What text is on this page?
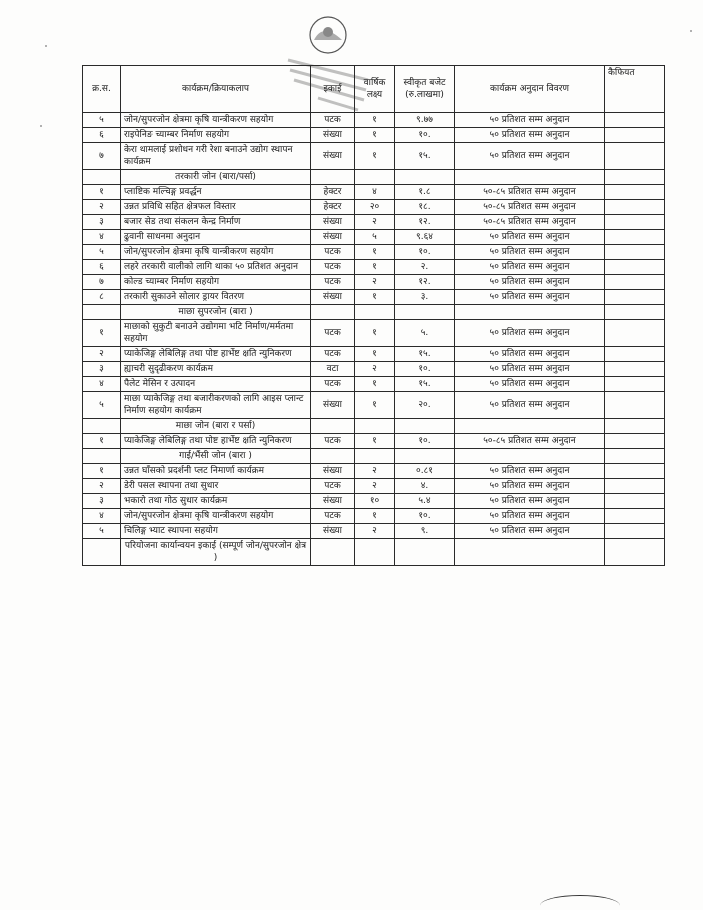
क्र.स.	कार्यक्रम/क्रियाकलाप	इकाई	वार्षिक लक्ष्य	स्वीकृत बजेट (रु.लाखमा)	कार्यक्रम अनुदान विवरण	कैफियत
५	जोन/सुपरजोन क्षेत्रमा कृषि यान्त्रीकरण सहयोग	पटक	१	९.७७	५० प्रतिशत सम्म अनुदान	
६	राइपेनिङ च्याम्बर निर्माण सहयोग	संख्या	१	१०.	५० प्रतिशत सम्म अनुदान	
७	केरा थामलाई प्रशोधन गरी रेशा बनाउने उद्योग स्थापन कार्यक्रम	संख्या	१	१५.	५० प्रतिशत सम्म अनुदान	
	तरकारी जोन (बारा/पर्सा)					
१	प्लाष्टिक मल्चिङ्ग प्रवर्द्धन	हेक्टर	४	१.८	५०-८५ प्रतिशत सम्म अनुदान	
२	उन्नत प्रविधि सहित क्षेत्रफल विस्तार	हेक्टर	२०	१८.	५०-८५ प्रतिशत सम्म अनुदान	
३	बजार सेड तथा संकलन केन्द्र निर्माण	संख्या	२	१२.	५०-८५ प्रतिशत सम्म अनुदान	
४	ढुवानी साधनमा अनुदान	संख्या	५	९.६४	५० प्रतिशत सम्म अनुदान	
५	जोन/सुपरजोन क्षेत्रमा कृषि यान्त्रीकरण सहयोग	पटक	१	१०.	५० प्रतिशत सम्म अनुदान	
६	लहरे तरकारी वालीको लागि थाका ५० प्रतिशत अनुदान	पटक	१	२.	५० प्रतिशत सम्म अनुदान	
७	कोल्ड च्याम्बर निर्माण सहयोग	पटक	२	१२.	५० प्रतिशत सम्म अनुदान	
८	तरकारी सुकाउने सोलार ड्रायर वितरण	संख्या	१	३.	५० प्रतिशत सम्म अनुदान	
	माछा सुपरजोन (बारा )					
१	माछाको सुकुटी बनाउने उद्योगमा भटि निर्माण/मर्मतमा सहयोग	पटक	१	५.	५० प्रतिशत सम्म अनुदान	
२	प्याकेजिङ्ग लेबिलिङ्ग तथा पोष्ट हार्भेष्ट क्षति न्युनिकरण	पटक	१	१५.	५० प्रतिशत सम्म अनुदान	
३	ह्याचरी सुदृढीकरण कार्यक्रम	वटा	२	१०.	५० प्रतिशत सम्म अनुदान	
४	पैलेट मेसिन र उत्पादन	पटक	१	१५.	५० प्रतिशत सम्म अनुदान	
५	माछा प्याकेजिङ्ग तथा बजारीकरणको लागि आइस प्लान्ट निर्माण सहयोग कार्यक्रम	संख्या	१	२०.	५० प्रतिशत सम्म अनुदान	
	माछा जोन (बारा र पर्सा)					
१	प्याकेजिङ्ग लेबिलिङ्ग तथा पोष्ट हार्भेष्ट क्षति न्युनिकरण	पटक	१	१०.	५०-८५ प्रतिशत सम्म अनुदान	
	गाई/भैंसी जोन (बारा )					
१	उन्नत घाँसको प्रदर्शनी प्लट निमार्णा कार्यक्रम	संख्या	२	०.८१	५० प्रतिशत सम्म अनुदान	
२	डेरी पसल स्थापना तथा सुधार	पटक	२	४.	५० प्रतिशत सम्म अनुदान	
३	भकारो तथा गोठ सुधार कार्यक्रम	संख्या	१०	५.४	५० प्रतिशत सम्म अनुदान	
४	जोन/सुपरजोन क्षेत्रमा कृषि यान्त्रीकरण सहयोग	पटक	१	१०.	५० प्रतिशत सम्म अनुदान	
५	चिलिङ्ग भ्याट स्थापना सहयोग	संख्या	२	९.	५० प्रतिशत सम्म अनुदान	
	परियोजना कार्यान्वयन इकाई (सम्पूर्ण जोन/सुपरजोन क्षेत्र )					
